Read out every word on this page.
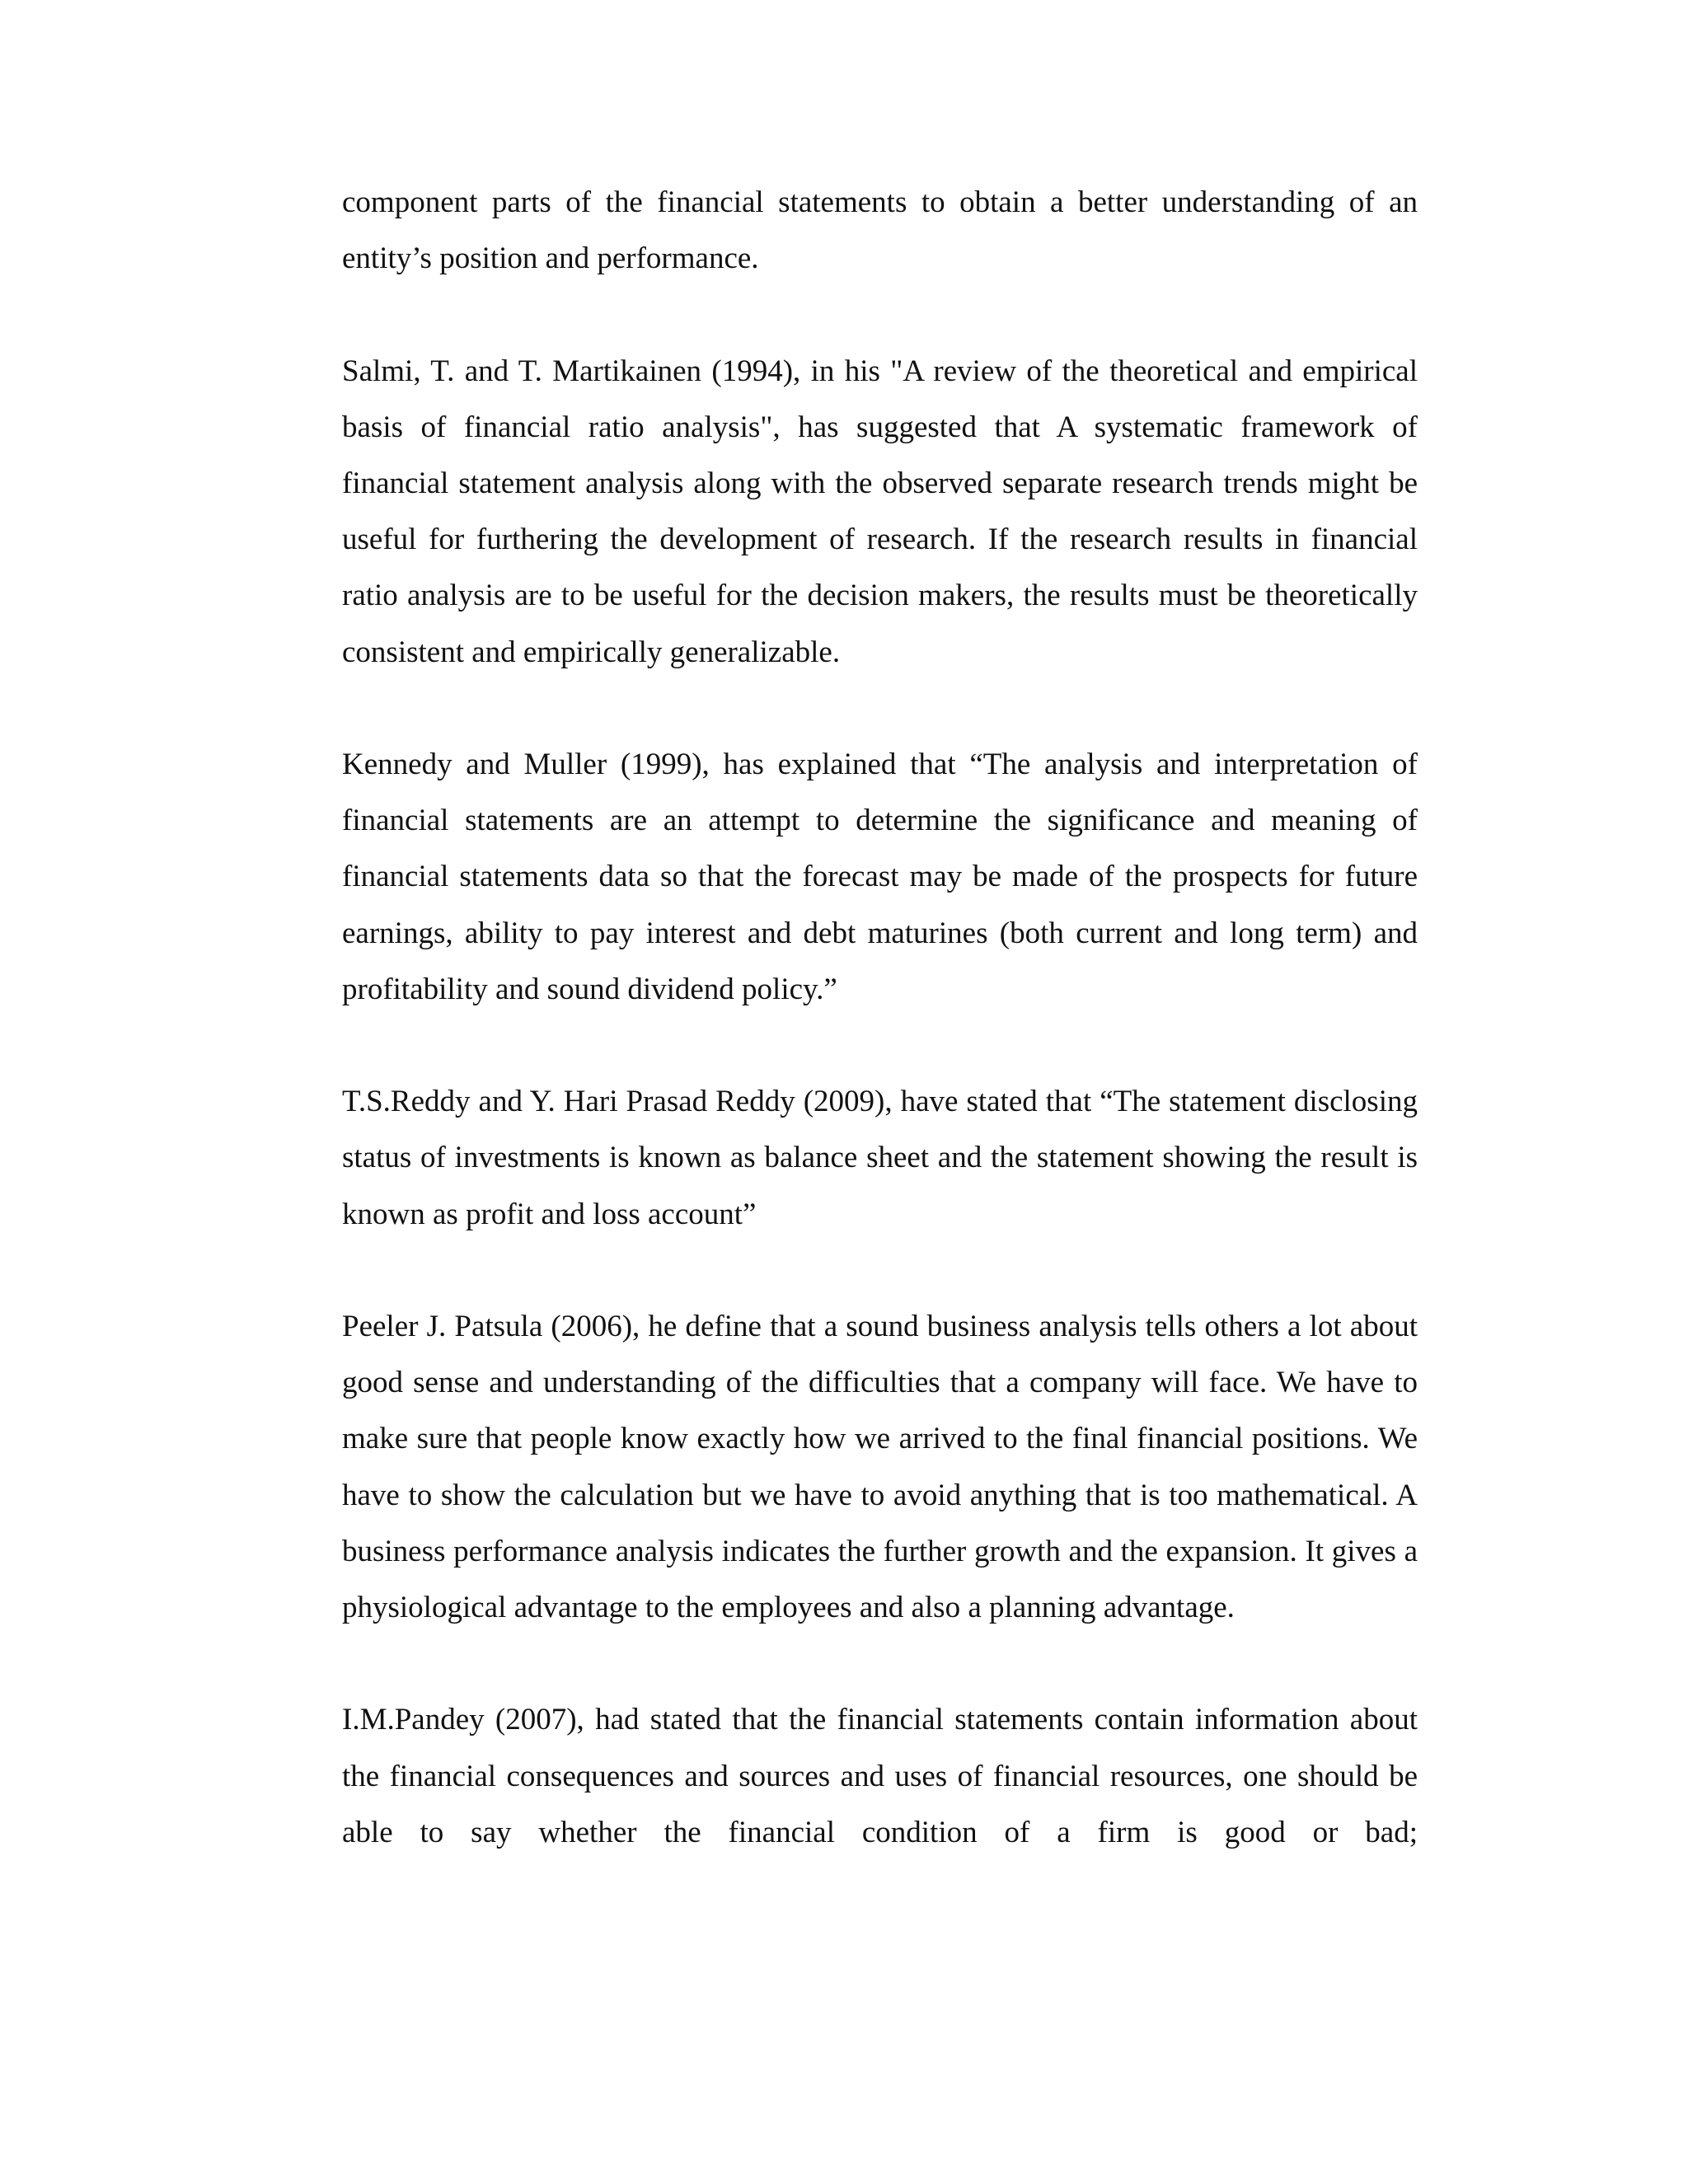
component parts of the financial statements to obtain a better understanding of an entity’s position and performance.

Salmi, T. and T. Martikainen (1994), in his "A review of the theoretical and empirical basis of financial ratio analysis", has suggested that A systematic framework of financial statement analysis along with the observed separate research trends might be useful for furthering the development of research. If the research results in financial ratio analysis are to be useful for the decision makers, the results must be theoretically consistent and empirically generalizable.

Kennedy and Muller (1999), has explained that “The analysis and interpretation of financial statements are an attempt to determine the significance and meaning of financial statements data so that the forecast may be made of the prospects for future earnings, ability to pay interest and debt maturines (both current and long term) and profitability and sound dividend policy.”

T.S.Reddy and Y. Hari Prasad Reddy (2009), have stated that “The statement disclosing status of investments is known as balance sheet and the statement showing the result is known as profit and loss account”

Peeler J. Patsula (2006), he define that a sound business analysis tells others a lot about good sense and understanding of the difficulties that a company will face. We have to make sure that people know exactly how we arrived to the final financial positions. We have to show the calculation but we have to avoid anything that is too mathematical. A business performance analysis indicates the further growth and the expansion. It gives a physiological advantage to the employees and also a planning advantage.

I.M.Pandey (2007), had stated that the financial statements contain information about the financial consequences and sources and uses of financial resources, one should be able to say whether the financial condition of a firm is good or bad;
